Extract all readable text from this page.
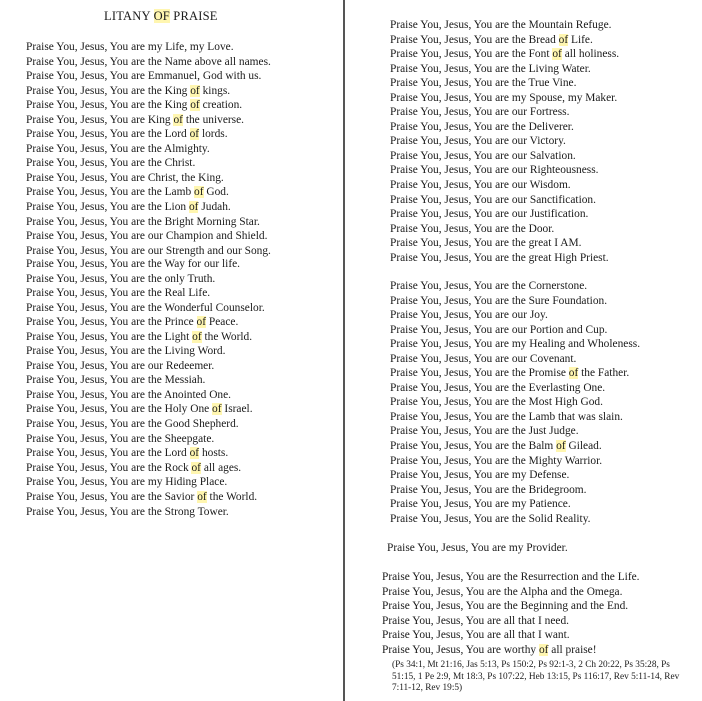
LITANY OF PRAISE
Praise You, Jesus, You are my Life, my Love.
Praise You, Jesus, You are the Name above all names.
Praise You, Jesus, You are Emmanuel, God with us.
Praise You, Jesus, You are the King of kings.
Praise You, Jesus, You are the King of creation.
Praise You, Jesus, You are King of the universe.
Praise You, Jesus, You are the Lord of lords.
Praise You, Jesus, You are the Almighty.
Praise You, Jesus, You are the Christ.
Praise You, Jesus, You are Christ, the King.
Praise You, Jesus, You are the Lamb of God.
Praise You, Jesus, You are the Lion of Judah.
Praise You, Jesus, You are the Bright Morning Star.
Praise You, Jesus, You are our Champion and Shield.
Praise You, Jesus, You are our Strength and our Song.
Praise You, Jesus, You are the Way for our life.
Praise You, Jesus, You are the only Truth.
Praise You, Jesus, You are the Real Life.
Praise You, Jesus, You are the Wonderful Counselor.
Praise You, Jesus, You are the Prince of Peace.
Praise You, Jesus, You are the Light of the World.
Praise You, Jesus, You are the Living Word.
Praise You, Jesus, You are our Redeemer.
Praise You, Jesus, You are the Messiah.
Praise You, Jesus, You are the Anointed One.
Praise You, Jesus, You are the Holy One of Israel.
Praise You, Jesus, You are the Good Shepherd.
Praise You, Jesus, You are the Sheepgate.
Praise You, Jesus, You are the Lord of hosts.
Praise You, Jesus, You are the Rock of all ages.
Praise You, Jesus, You are my Hiding Place.
Praise You, Jesus, You are the Savior of the World.
Praise You, Jesus, You are the Strong Tower.
Praise You, Jesus, You are the Mountain Refuge.
Praise You, Jesus, You are the Bread of Life.
Praise You, Jesus, You are the Font of all holiness.
Praise You, Jesus, You are the Living Water.
Praise You, Jesus, You are the True Vine.
Praise You, Jesus, You are my Spouse, my Maker.
Praise You, Jesus, You are our Fortress.
Praise You, Jesus, You are the Deliverer.
Praise You, Jesus, You are our Victory.
Praise You, Jesus, You are our Salvation.
Praise You, Jesus, You are our Righteousness.
Praise You, Jesus, You are our Wisdom.
Praise You, Jesus, You are our Sanctification.
Praise You, Jesus, You are our Justification.
Praise You, Jesus, You are the Door.
Praise You, Jesus, You are the great I AM.
Praise You, Jesus, You are the great High Priest.
Praise You, Jesus, You are the Cornerstone.
Praise You, Jesus, You are the Sure Foundation.
Praise You, Jesus, You are our Joy.
Praise You, Jesus, You are our Portion and Cup.
Praise You, Jesus, You are my Healing and Wholeness.
Praise You, Jesus, You are our Covenant.
Praise You, Jesus, You are the Promise of the Father.
Praise You, Jesus, You are the Everlasting One.
Praise You, Jesus, You are the Most High God.
Praise You, Jesus, You are the Lamb that was slain.
Praise You, Jesus, You are the Just Judge.
Praise You, Jesus, You are the Balm of Gilead.
Praise You, Jesus, You are the Mighty Warrior.
Praise You, Jesus, You are my Defense.
Praise You, Jesus, You are the Bridegroom.
Praise You, Jesus, You are my Patience.
Praise You, Jesus, You are the Solid Reality.
Praise You, Jesus, You are my Provider.
Praise You, Jesus, You are the Resurrection and the Life.
Praise You, Jesus, You are the Alpha and the Omega.
Praise You, Jesus, You are the Beginning and the End.
Praise You, Jesus, You are all that I need.
Praise You, Jesus, You are all that I want.
Praise You, Jesus, You are worthy of all praise!
(Ps 34:1, Mt 21:16, Jas 5:13, Ps 150:2, Ps 92:1-3, 2 Ch 20:22, Ps 35:28, Ps 51:15, 1 Pe 2:9, Mt 18:3, Ps 107:22, Heb 13:15, Ps 116:17, Rev 5:11-14, Rev 7:11-12, Rev 19:5)
